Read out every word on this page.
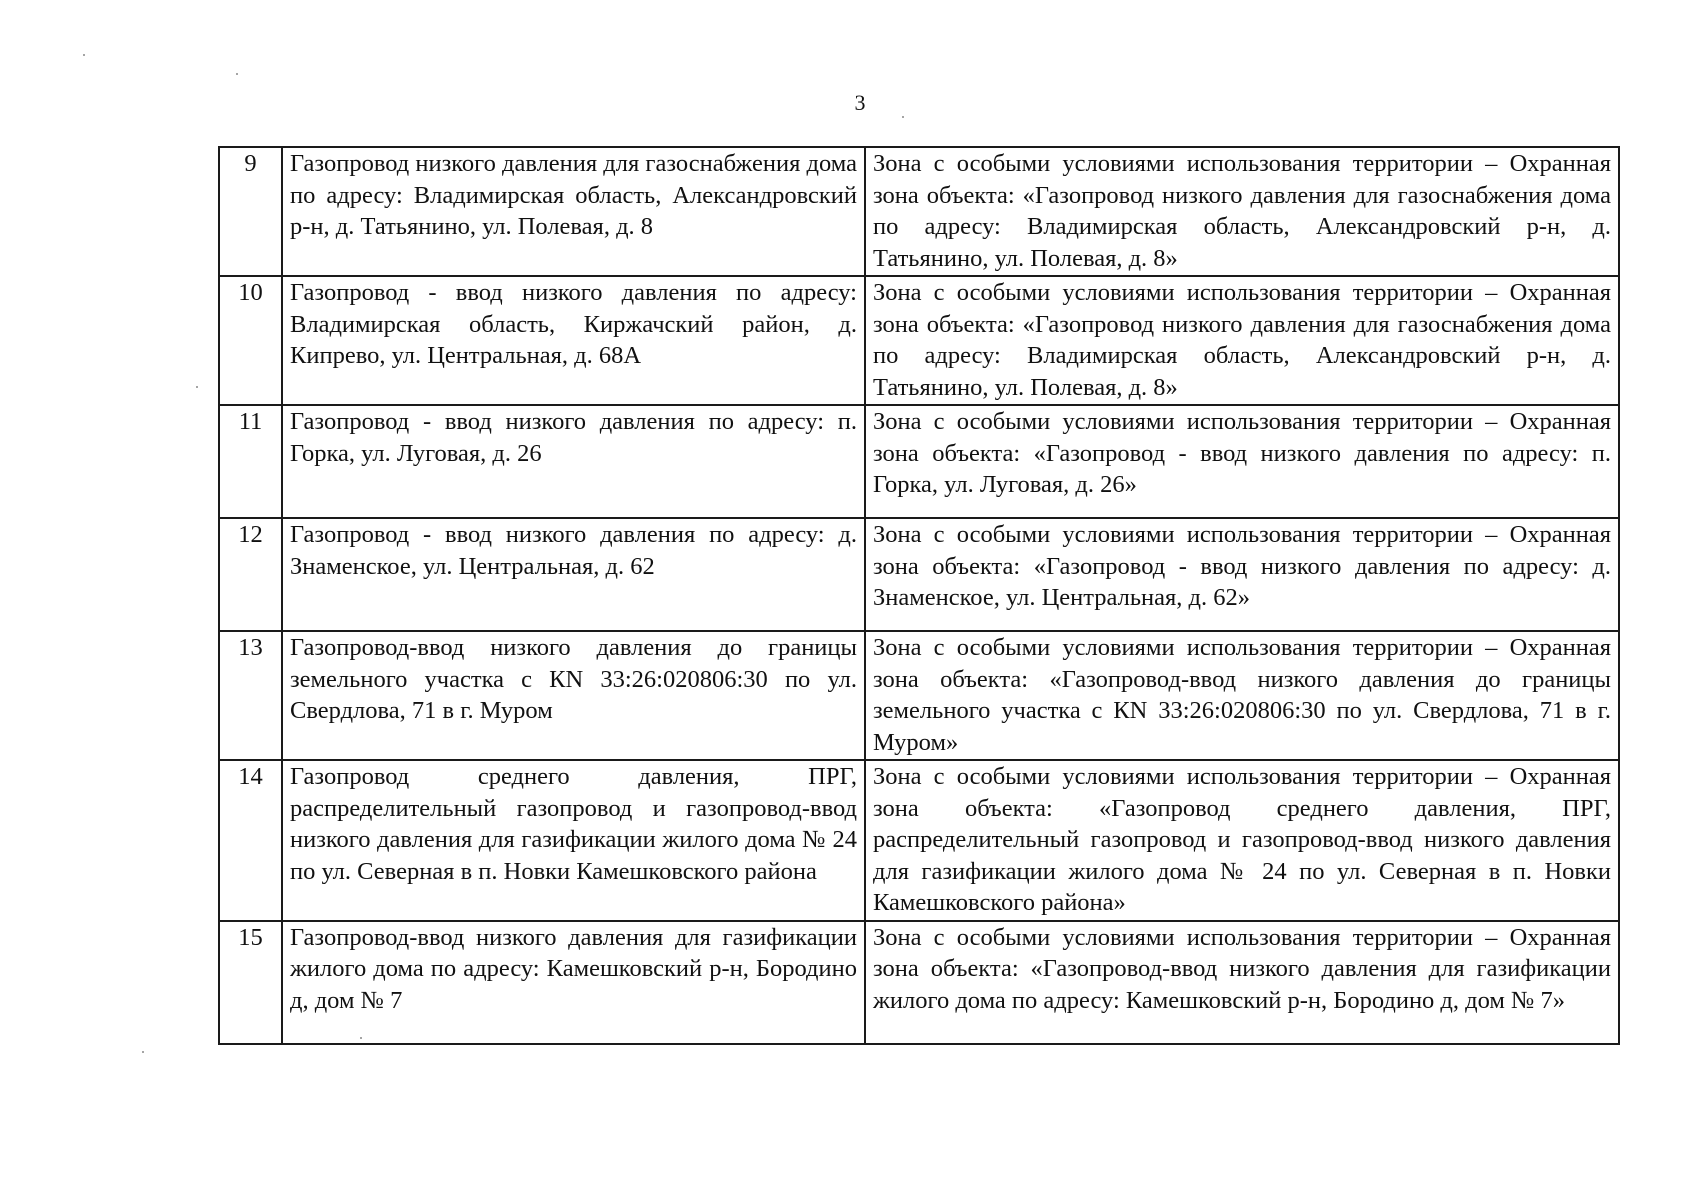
3
9	Газопровод низкого давления для газоснабжения дома по адресу: Владимирская область, Александровский р-н, д. Татьянино, ул. Полевая, д. 8	Зона с особыми условиями использования территории – Охранная зона объекта: «Газопровод низкого давления для газоснабжения дома по адресу: Владимирская область, Александровский р-н, д. Татьянино, ул. Полевая, д. 8»
10	Газопровод - ввод низкого давления по адресу: Владимирская область, Киржачский район, д. Кипрево, ул. Центральная, д. 68А	Зона с особыми условиями использования территории – Охранная зона объекта: «Газопровод низкого давления для газоснабжения дома по адресу: Владимирская область, Александровский р-н, д. Татьянино, ул. Полевая, д. 8»
11	Газопровод - ввод низкого давления по адресу: п. Горка, ул. Луговая, д. 26	Зона с особыми условиями использования территории – Охранная зона объекта: «Газопровод - ввод низкого давления по адресу: п. Горка, ул. Луговая, д. 26»
12	Газопровод - ввод низкого давления по адресу: д. Знаменское, ул. Центральная, д. 62	Зона с особыми условиями использования территории – Охранная зона объекта: «Газопровод - ввод низкого давления по адресу: д. Знаменское, ул. Центральная, д. 62»
13	Газопровод-ввод низкого давления до границы земельного участка с КN 33:26:020806:30 по ул. Свердлова, 71 в г. Муром	Зона с особыми условиями использования территории – Охранная зона объекта: «Газопровод-ввод низкого давления до границы земельного участка с КN 33:26:020806:30 по ул. Свердлова, 71 в г. Муром»
14	Газопровод среднего давления, ПРГ, распределительный газопровод и газопровод-ввод низкого давления для газификации жилого дома № 24 по ул. Северная в п. Новки Камешковского района	Зона с особыми условиями использования территории – Охранная зона объекта: «Газопровод среднего давления, ПРГ, распределительный газопровод и газопровод-ввод низкого давления для газификации жилого дома № 24 по ул. Северная в п. Новки Камешковского района»
15	Газопровод-ввод низкого давления для газификации жилого дома по адресу: Камешковский р-н, Бородино д, дом № 7	Зона с особыми условиями использования территории – Охранная зона объекта: «Газопровод-ввод низкого давления для газификации жилого дома по адресу: Камешковский р-н, Бородино д, дом № 7»
